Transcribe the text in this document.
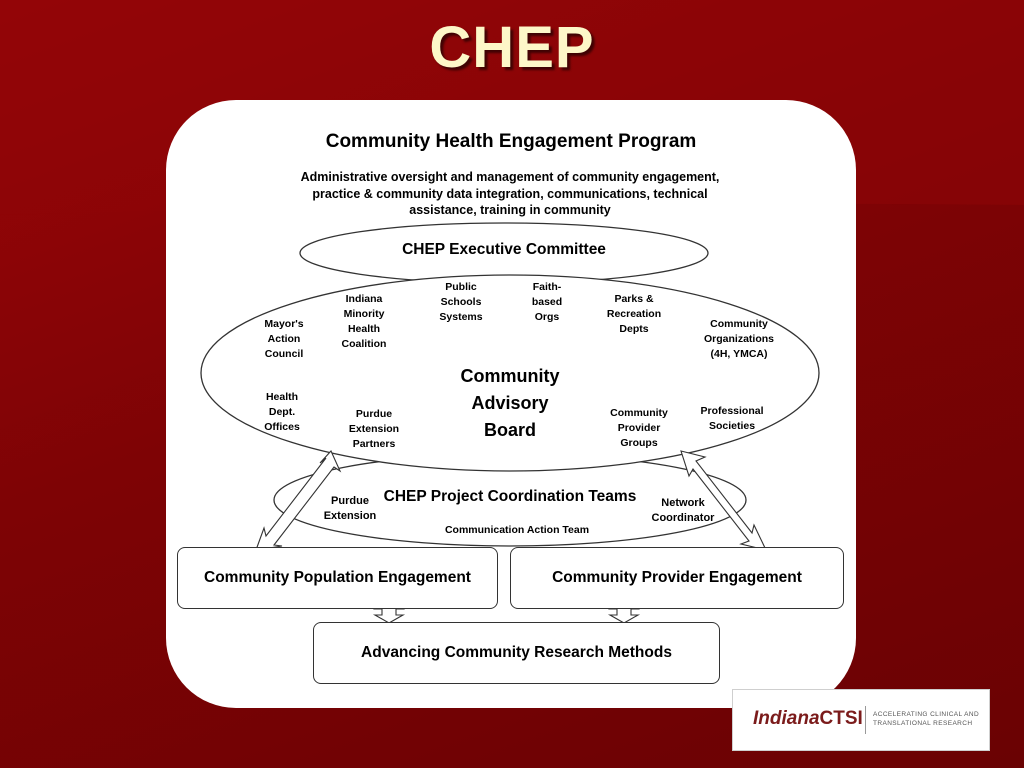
CHEP
Community Health Engagement Program
Administrative oversight and management of community engagement, practice & community data integration, communications, technical assistance, training in community
CHEP Executive Committee
Community
Advisory
Board
Mayor's
Action
Council
Indiana
Minority
Health
Coalition
Public
Schools
Systems
Faith-
based
Orgs
Parks &
Recreation
Depts	Community
Organizations
(4H, YMCA)
Health
Dept.
Offices
Purdue
Extension
Partners
Community
Provider
Groups
Professional
Societies
CHEP Project Coordination Teams
Purdue
Extension
Network
Coordinator
Communication Action Team
Community Population Engagement	Community Provider Engagement
Advancing Community Research Methods
IndianaCTSI ACCELERATING CLINICAL AND
TRANSLATIONAL RESEARCH
